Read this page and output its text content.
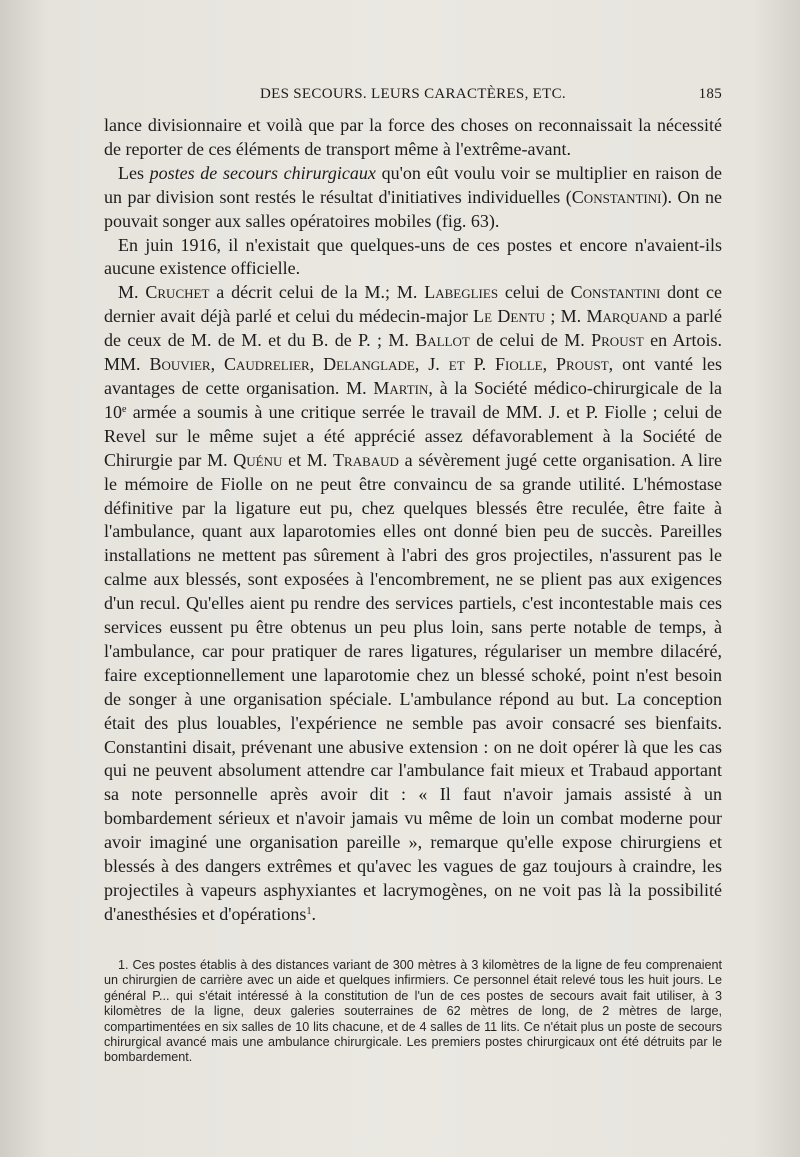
DES SECOURS. LEURS CARACTÈRES, ETC.	185

lance divisionnaire et voilà que par la force des choses on reconnaissait la nécessité de reporter de ces éléments de transport même à l'extrême-avant.

Les postes de secours chirurgicaux qu'on eût voulu voir se multiplier en raison de un par division sont restés le résultat d'initiatives individuelles (Constantini). On ne pouvait songer aux salles opératoires mobiles (fig. 63).

En juin 1916, il n'existait que quelques-uns de ces postes et encore n'avaient-ils aucune existence officielle.

M. Cruchet a décrit celui de la M.; M. Labeglies celui de Constantini dont ce dernier avait déjà parlé et celui du médecin-major Le Dentu ; M. Marquand a parlé de ceux de M. de M. et du B. de P. ; M. Ballot de celui de M. Proust en Artois. MM. Bouvier, Caudrelier, Delanglade, J. et P. Fiolle, Proust, ont vanté les avantages de cette organisation. M. Martin, à la Société médico-chirurgicale de la 10e armée a soumis à une critique serrée le travail de MM. J. et P. Fiolle ; celui de Revel sur le même sujet a été apprécié assez défavorablement à la Société de Chirurgie par M. Quénu et M. Trabaud a sévèrement jugé cette organisation. A lire le mémoire de Fiolle on ne peut être convaincu de sa grande utilité. L'hémostase définitive par la ligature eut pu, chez quelques blessés être reculée, être faite à l'ambulance, quant aux laparotomies elles ont donné bien peu de succès. Pareilles installations ne mettent pas sûrement à l'abri des gros projectiles, n'assurent pas le calme aux blessés, sont exposées à l'encombrement, ne se plient pas aux exigences d'un recul. Qu'elles aient pu rendre des services partiels, c'est incontestable mais ces services eussent pu être obtenus un peu plus loin, sans perte notable de temps, à l'ambulance, car pour pratiquer de rares ligatures, régulariser un membre dilacéré, faire exceptionnellement une laparotomie chez un blessé schoké, point n'est besoin de songer à une organisation spéciale. L'ambulance répond au but. La conception était des plus louables, l'expérience ne semble pas avoir consacré ses bienfaits. Constantini disait, prévenant une abusive extension : on ne doit opérer là que les cas qui ne peuvent absolument attendre car l'ambulance fait mieux et Trabaud apportant sa note personnelle après avoir dit : « Il faut n'avoir jamais assisté à un bombardement sérieux et n'avoir jamais vu même de loin un combat moderne pour avoir imaginé une organisation pareille », remarque qu'elle expose chirurgiens et blessés à des dangers extrêmes et qu'avec les vagues de gaz toujours à craindre, les projectiles à vapeurs asphyxiantes et lacrymogènes, on ne voit pas là la possibilité d'anesthésies et d'opérations$^1$.

1. Ces postes établis à des distances variant de 300 mètres à 3 kilomètres de la ligne de feu comprenaient un chirurgien de carrière avec un aide et quelques infirmiers. Ce personnel était relevé tous les huit jours. Le général P... qui s'était intéressé à la constitution de l'un de ces postes de secours avait fait utiliser, à 3 kilomètres de la ligne, deux galeries souterraines de 62 mètres de long, de 2 mètres de large, compartimentées en six salles de 10 lits chacune, et de 4 salles de 11 lits. Ce n'était plus un poste de secours chirurgical avancé mais une ambulance chirurgicale. Les premiers postes chirurgicaux ont été détruits par le bombardement.
